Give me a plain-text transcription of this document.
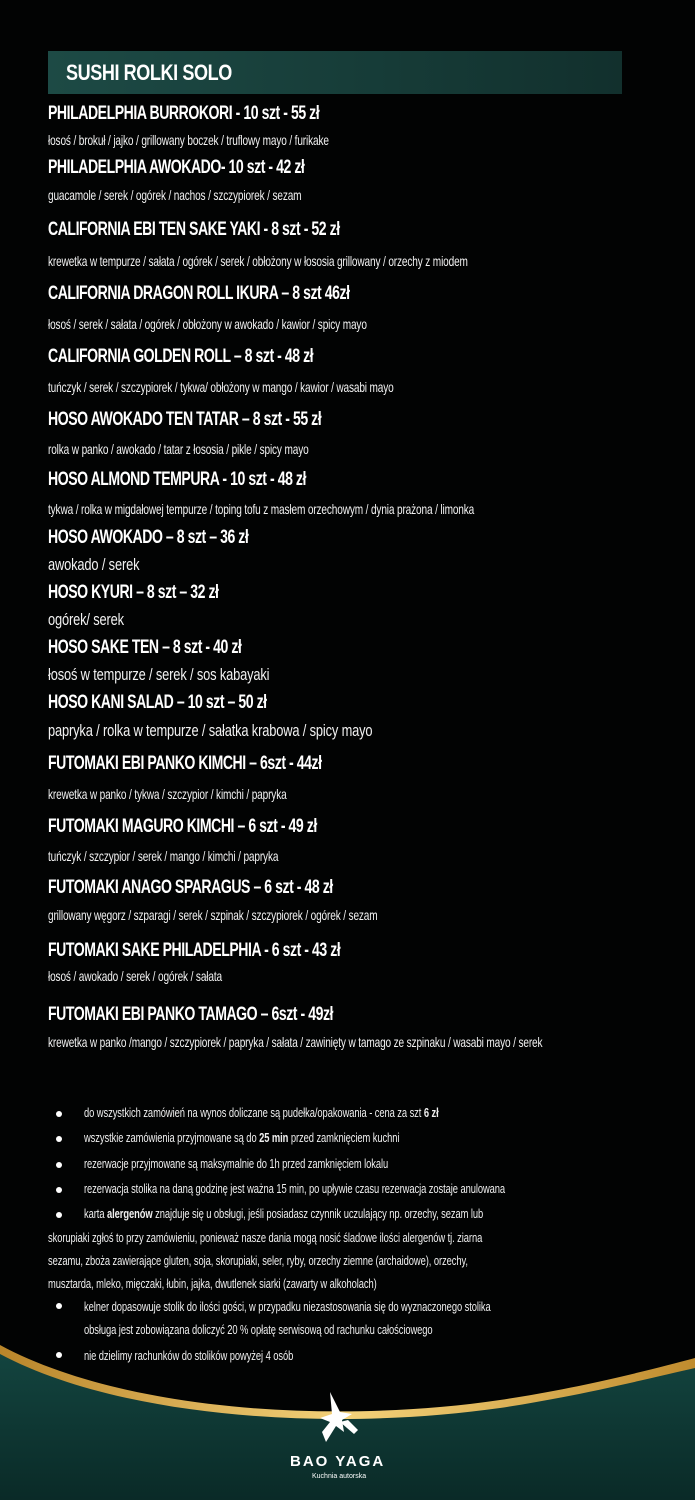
SUSHI ROLKI SOLO
PHILADELPHIA BURROKORI - 10 szt - 55 zł
łosoś / brokuł / jajko / grillowany boczek / truflowy mayo / furikake
PHILADELPHIA AWOKADO- 10 szt - 42 zł
guacamole / serek / ogórek / nachos / szczypiorek / sezam
CALIFORNIA EBI TEN SAKE YAKI - 8 szt - 52 zł
krewetka w tempurze / sałata / ogórek / serek / obłożony w łososia grillowany / orzechy z miodem
CALIFORNIA DRAGON ROLL IKURA – 8 szt 46zł
łosoś / serek / sałata / ogórek / obłożony w awokado / kawior / spicy mayo
CALIFORNIA GOLDEN ROLL – 8 szt - 48 zł
tuńczyk / serek / szczypiorek / tykwa/ obłożony w mango / kawior / wasabi mayo
HOSO AWOKADO TEN TATAR – 8 szt - 55 zł
rolka w panko / awokado / tatar z łososia / pikle / spicy mayo
HOSO ALMOND TEMPURA - 10 szt - 48 zł
tykwa / rolka w migdałowej tempurze / toping tofu z masłem orzechowym / dynia prażona / limonka
HOSO AWOKADO – 8 szt – 36 zł
awokado / serek
HOSO KYURI – 8 szt – 32 zł
ogórek/ serek
HOSO SAKE TEN – 8 szt - 40 zł
łosoś w tempurze / serek / sos kabayaki
HOSO KANI SALAD – 10 szt – 50 zł
papryka / rolka w tempurze / sałatka krabowa / spicy mayo
FUTOMAKI EBI PANKO KIMCHI – 6szt - 44zł
krewetka w panko / tykwa / szczypior / kimchi / papryka
FUTOMAKI MAGURO KIMCHI – 6 szt - 49 zł
tuńczyk / szczypior / serek / mango / kimchi / papryka
FUTOMAKI ANAGO SPARAGUS – 6 szt - 48 zł
grillowany węgorz / szparagi / serek / szpinak / szczypiorek / ogórek / sezam
FUTOMAKI SAKE PHILADELPHIA - 6 szt - 43 zł
łosoś / awokado / serek / ogórek / sałata
FUTOMAKI EBI PANKO TAMAGO – 6szt - 49zł
krewetka w panko /mango / szczypiorek / papryka / sałata / zawinięty w tamago ze szpinaku / wasabi mayo / serek
do wszystkich zamówień na wynos doliczane są pudełka/opakowania - cena za szt 6 zł
wszystkie zamówienia przyjmowane są do 25 min przed zamknięciem kuchni
rezerwacje przyjmowane są maksymalnie do 1h przed zamknięciem lokalu
rezerwacja stolika na daną godzinę jest ważna 15 min, po upływie czasu rezerwacja zostaje anulowana
karta alergenów znajduje się u obsługi, jeśli posiadasz czynnik uczulający np. orzechy, sezam lub
skorupiaki zgłoś to przy zamówieniu, ponieważ nasze dania mogą nosić śladowe ilości alergenów tj. ziarna
sezamu, zboża zawierające gluten, soja, skorupiaki, seler, ryby, orzechy ziemne (archaidowe), orzechy,
musztarda, mleko, mięczaki, łubin, jajka, dwutlenek siarki (zawarty w alkoholach)
kelner dopasowuje stolik do ilości gości, w przypadku niezastosowania się do wyznaczonego stolika
obsługa jest zobowiązana doliczyć 20 % opłatę serwisową od rachunku całościowego
nie dzielimy rachunków do stolików powyżej 4 osób
BAO YAGA
Kuchnia autorska
